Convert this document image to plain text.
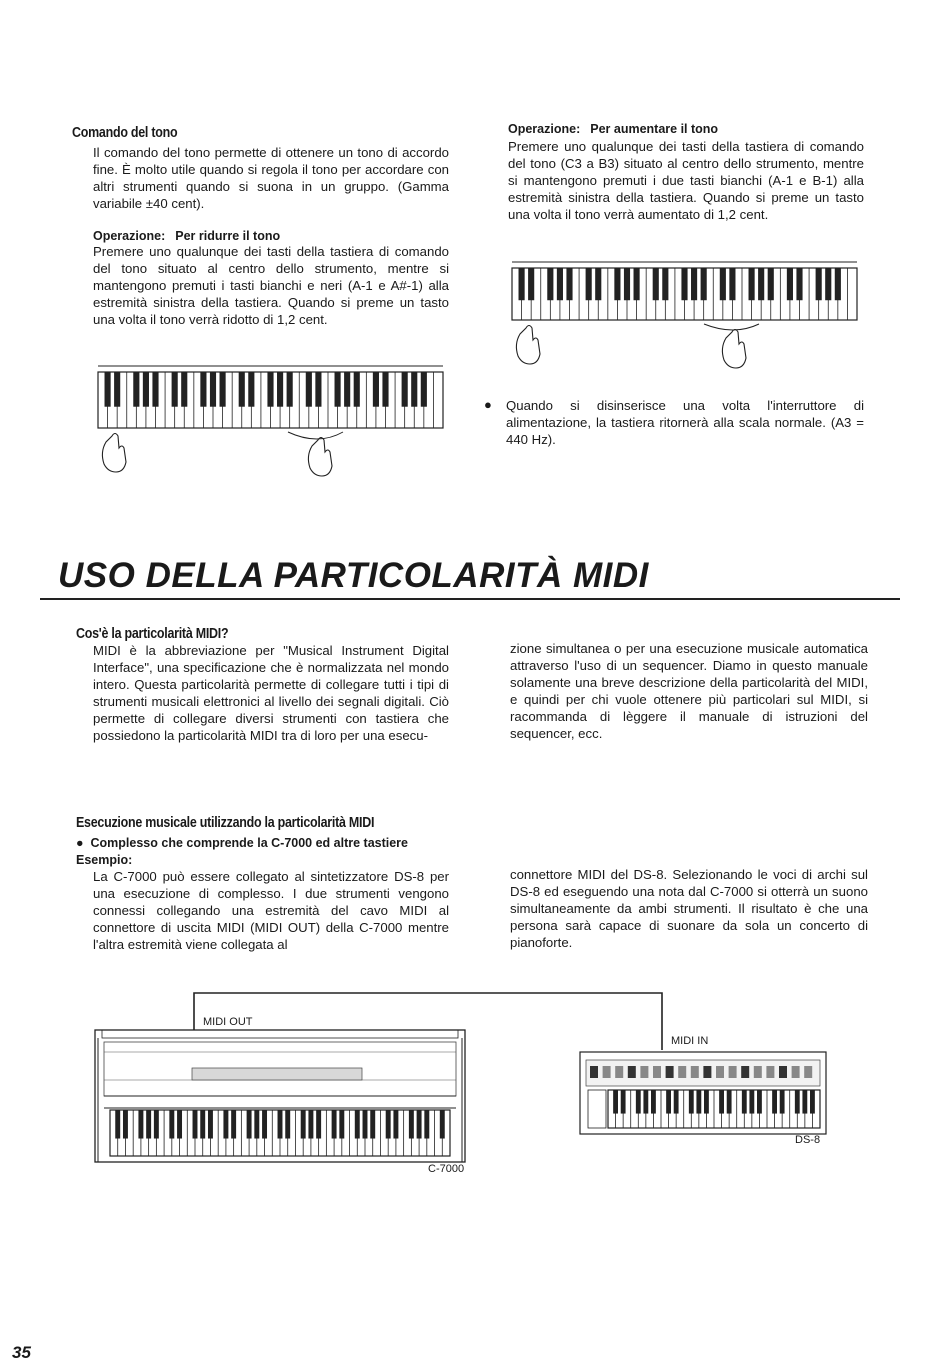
Comando del tono
Il comando del tono permette di ottenere un tono di accordo fine. È molto utile quando si regola il tono per accordare con altri strumenti quando si suona in un gruppo. (Gamma variabile ±40 cent).
Operazione: Per ridurre il tono
Premere uno qualunque dei tasti della tastiera di comando del tono situato al centro dello strumento, mentre si mantengono premuti i tasti bianchi e neri (A-1 e A#-1) alla estremità sinistra della tastiera. Quando si preme un tasto una volta il tono verrà ridotto di 1,2 cent.
Operazione: Per aumentare il tono
Premere uno qualunque dei tasti della tastiera di comando del tono (C3 a B3) situato al centro dello strumento, mentre si mantengono premuti i due tasti bianchi (A-1 e B-1) alla estremità sinistra della tastiera. Quando si preme un tasto una volta il tono verrà aumentato di 1,2 cent.
●	Quando si disinserisce una volta l'interruttore di alimentazione, la tastiera ritornerà alla scala normale. (A3 = 440 Hz).
USO DELLA PARTICOLARITÀ MIDI
Cos'è la particolarità MIDI?
MIDI è la abbreviazione per "Musical Instrument Digital Interface", una specificazione che è normalizzata nel mondo intero. Questa particolarità permette di collegare tutti i tipi di strumenti musicali elettronici al livello dei segnali digitali. Ciò permette di collegare diversi strumenti con tastiera che possiedono la particolarità MIDI tra di loro per una esecu-
zione simultanea o per una esecuzione musicale automatica attraverso l'uso di un sequencer. Diamo in questo manuale solamente una breve descrizione della particolarità del MIDI, e quindi per chi vuole ottenere più particolari sul MIDI, si racommanda di lèggere il manuale di istruzioni del sequencer, ecc.
Esecuzione musicale utilizzando la particolarità MIDI
● Complesso che comprende la C-7000 ed altre tastiere
Esempio:
La C-7000 può essere collegato al sintetizzatore DS-8 per una esecuzione di complesso. I due strumenti vengono connessi collegando una estremità del cavo MIDI al connettore di uscita MIDI (MIDI OUT) della C-7000 mentre l'altra estremità viene collegata al
connettore MIDI del DS-8. Selezionando le voci di archi sul DS-8 ed eseguendo una nota dal C-7000 si otterrà un suono simultaneamente da ambi strumenti. Il risultato è che una persona sarà capace di suonare da sola un concerto di pianoforte.
MIDI OUT
MIDI IN
C-7000
DS-8
35
